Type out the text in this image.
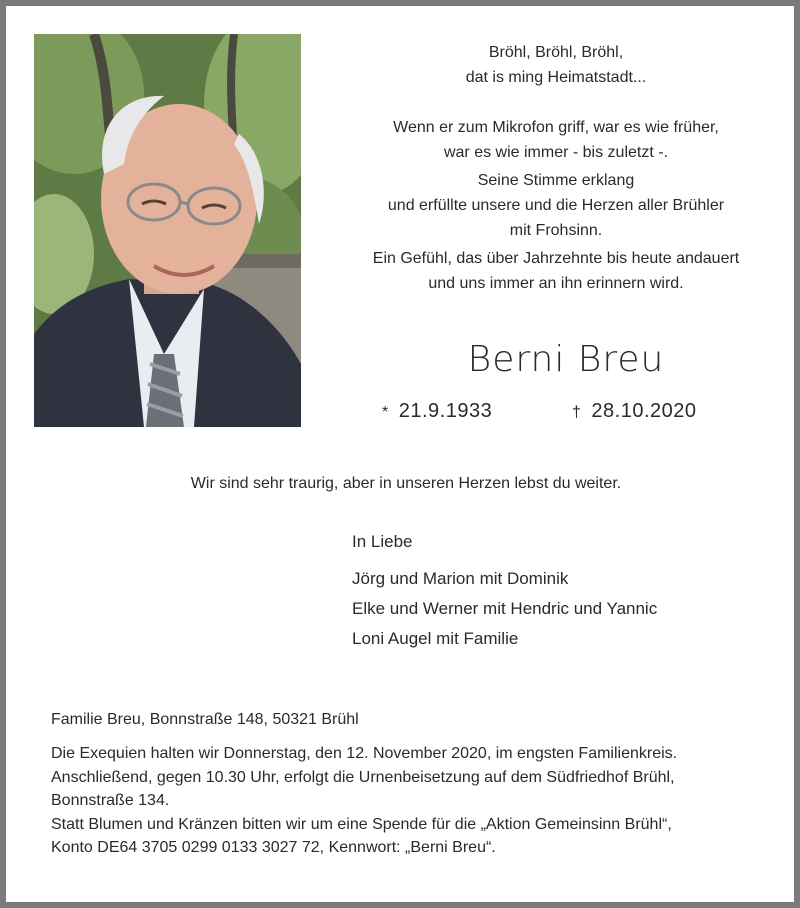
Bröhl, Bröhl, Bröhl,

dat is ming Heimatstadt...

Wenn er zum Mikrofon griff, war es wie früher,

war es wie immer - bis zuletzt -.

Seine Stimme erklang

und erfüllte unsere und die Herzen aller Brühler

mit Frohsinn.

Ein Gefühl, das über Jahrzehnte bis heute andauert

und uns immer an ihn erinnern wird.

Berni Breu
* 21.9.1933	† 28.10.2020
Wir sind sehr traurig, aber in unseren Herzen lebst du weiter.

In Liebe

Jörg und Marion mit Dominik

Elke und Werner mit Hendric und Yannic

Loni Augel mit Familie

Familie Breu, Bonnstraße 148, 50321 Brühl

Die Exequien halten wir Donnerstag, den 12. November 2020, im engsten Familienkreis.

Anschließend, gegen 10.30 Uhr, erfolgt die Urnenbeisetzung auf dem Südfriedhof Brühl,

Bonnstraße 134.

Statt Blumen und Kränzen bitten wir um eine Spende für die „Aktion Gemeinsinn Brühl“,

Konto DE64 3705 0299 0133 3027 72, Kennwort: „Berni Breu“.
